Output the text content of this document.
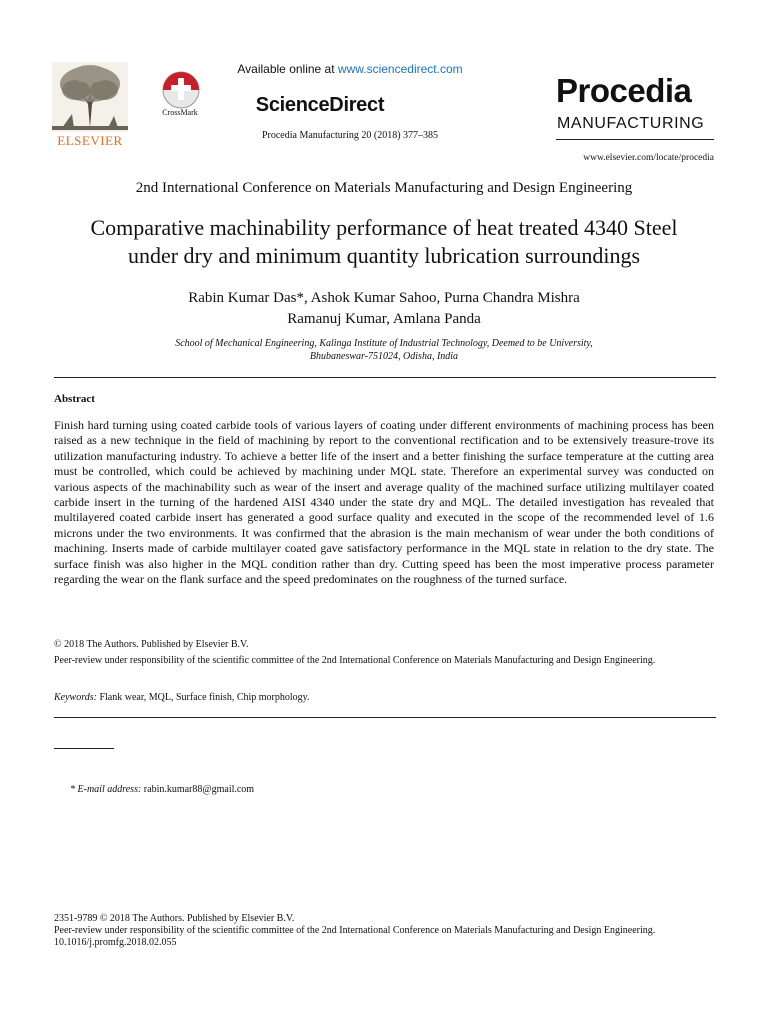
ELSEVIER
CrossMark
Available online at www.sciencedirect.com
ScienceDirect
Procedia Manufacturing 20 (2018) 377–385
Procedia
MANUFACTURING
www.elsevier.com/locate/procedia
2nd International Conference on Materials Manufacturing and Design Engineering
Comparative machinability performance of heat treated 4340 Steel
under dry and minimum quantity lubrication surroundings
Rabin Kumar Das*, Ashok Kumar Sahoo, Purna Chandra Mishra
Ramanuj Kumar, Amlana Panda
School of Mechanical Engineering, Kalinga Institute of Industrial Technology, Deemed to be University,
Bhubaneswar-751024, Odisha, India
Abstract
Finish hard turning using coated carbide tools of various layers of coating under different environments of machining process has been raised as a new technique in the field of machining by report to the conventional rectification and to be extensively treasure-trove its utilization manufacturing industry. To achieve a better life of the insert and a better finishing the surface temperature at the cutting area must be controlled, which could be achieved by machining under MQL state. Therefore an experimental survey was conducted on various aspects of the machinability such as wear of the insert and average quality of the machined surface utilizing multilayer coated carbide insert in the turning of the hardened AISI 4340 under the state dry and MQL. The detailed investigation has revealed that multilayered coated carbide insert has generated a good surface quality and executed in the scope of the recommended level of 1.6 microns under the two environments. It was confirmed that the abrasion is the main mechanism of wear under the both conditions of machining. Inserts made of carbide multilayer coated gave satisfactory performance in the MQL state in relation to the dry state. The surface finish was also higher in the MQL condition rather than dry. Cutting speed has been the most imperative process parameter regarding the wear on the flank surface and the speed predominates on the roughness of the turned surface.
© 2018 The Authors. Published by Elsevier B.V.
Peer-review under responsibility of the scientific committee of the 2nd International Conference on Materials Manufacturing and Design Engineering.
Keywords: Flank wear, MQL, Surface finish, Chip morphology.
* E-mail address: rabin.kumar88@gmail.com
2351-9789 © 2018 The Authors. Published by Elsevier B.V.
Peer-review under responsibility of the scientific committee of the 2nd International Conference on Materials Manufacturing and Design Engineering.
10.1016/j.promfg.2018.02.055
